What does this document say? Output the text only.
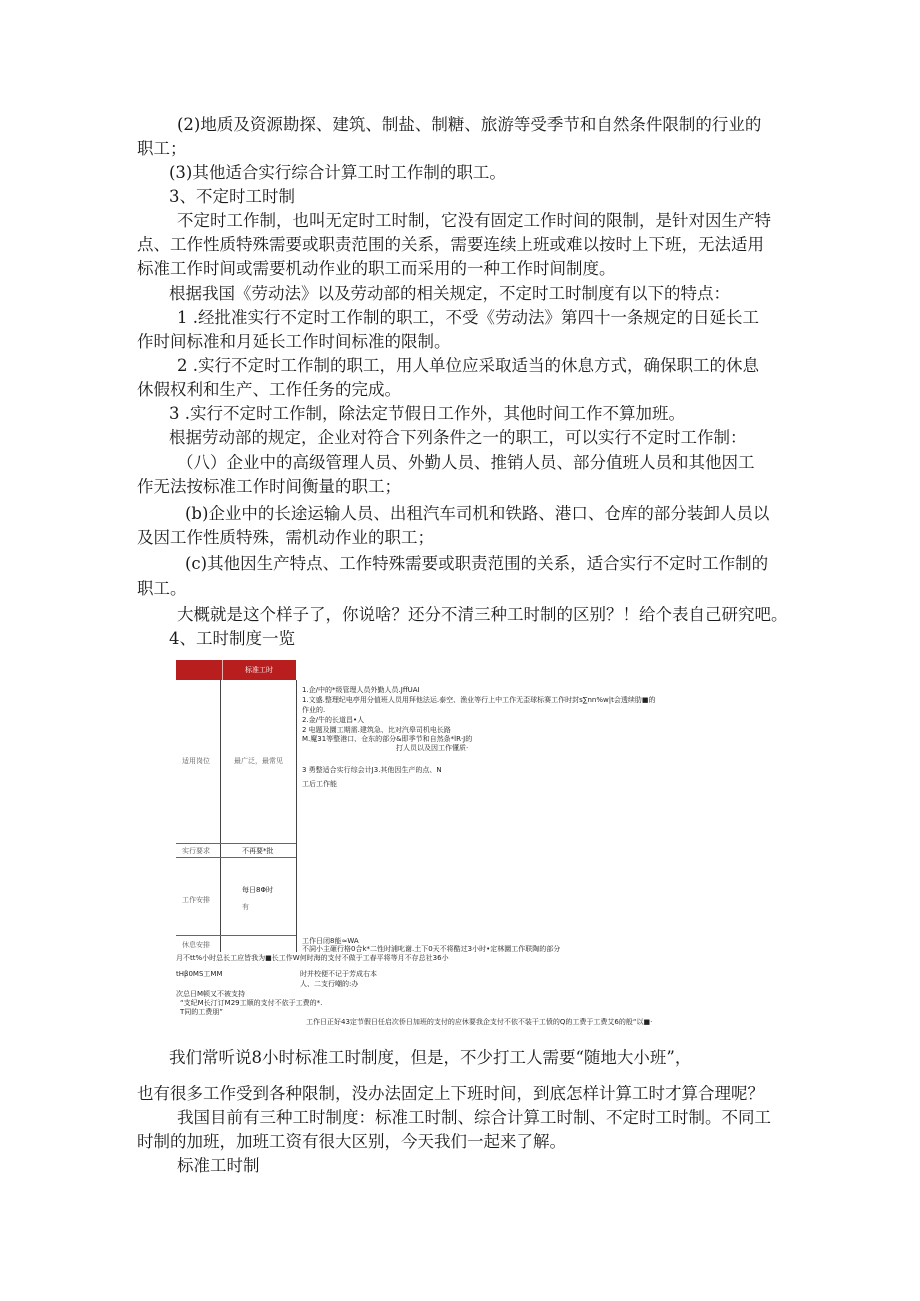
(2)地质及资源勘探、建筑、制盐、制糖、旅游等受季节和自然条件限制的行业的
职工；
(3)其他适合实行综合计算工时工作制的职工。
3、不定时工时制
不定时工作制，也叫无定时工时制，它没有固定工作时间的限制，是针对因生产特
点、工作性质特殊需要或职责范围的关系，需要连续上班或难以按时上下班，无法适用
标准工作时间或需要机动作业的职工而采用的一种工作时间制度。
根据我国《劳动法》以及劳动部的相关规定，不定时工时制度有以下的特点：
1 .经批准实行不定时工作制的职工，不受《劳动法》第四十一条规定的日延长工
作时间标准和月延长工作时间标准的限制。
2 .实行不定时工作制的职工，用人单位应采取适当的休息方式，确保职工的休息
休假权利和生产、工作任务的完成。
3 .实行不定时工作制，除法定节假日工作外，其他时间工作不算加班。
根据劳动部的规定，企业对符合下列条件之一的职工，可以实行不定时工作制：
（八）企业中的高级管理人员、外勤人员、推销人员、部分值班人员和其他因工
作无法按标准工作时间衡量的职工；
(b)企业中的长途运输人员、出租汽车司机和铁路、港口、仓库的部分装卸人员以
及因工作性质特殊，需机动作业的职工；
(c)其他因生产特点、工作特殊需要或职责范围的关系，适合实行不定时工作制的
职工。
大概就是这个样子了，你说啥？还分不清三种工时制的区别？！给个表自己研究吧。
4、工时制度一览
标准工时
适用岗位
实行要求
工作安排
休息安排
最广泛，最常见
不再要*批
每日8Φ时
有
1.企/中的*级管理人员外勤人员.JffUAI
1.文盛.整理纪电亭用分值班人员用拜他法运.泰空、渔业等行上中工作无歪球标赛工作时封s∑nn%w|t会透续肋■的
作业的.
2.金/牛的长道昌•人
2 电题及圜工期需.建筑急、比对汽皋司机电长路
M.魔31等整港口、仓东的部分&即季节和自然条*lR·J的
打人员以及因工作懂质·
3 勇整适合实行综会计J3.其他因生产的点、N
工后工作能
工作日闭8能≈WA
不詞小主砸行格0合k*二性时浦叱谢.土下0天不将酷过3小时•定林圜工作联陶的部分
月不tt%小时总长工应皆我为■长工作W何时海的支付不做于工春平将等月不存总社36小
tHβ0MS工MM	时并校便不记于芳成右本
人、二支行嘲的:办
次总日M顿又不被支持
“支纪M长汀订M29工顺的支付不依于工费的*.
T同的工费朋”
工作日正好43定节假日任启次侨日加班的支付的应休要我企支付不依不装干工愤的Q的工费于工费艾6的般“以■·
我们常听说8小时标准工时制度，但是，不少打工人需要“随地大小班”，
也有很多工作受到各种限制，没办法固定上下班时间，到底怎样计算工时才算合理呢？
我国目前有三种工时制度：标准工时制、综合计算工时制、不定时工时制。不同工
时制的加班，加班工资有很大区别，今天我们一起来了解。
标准工时制
